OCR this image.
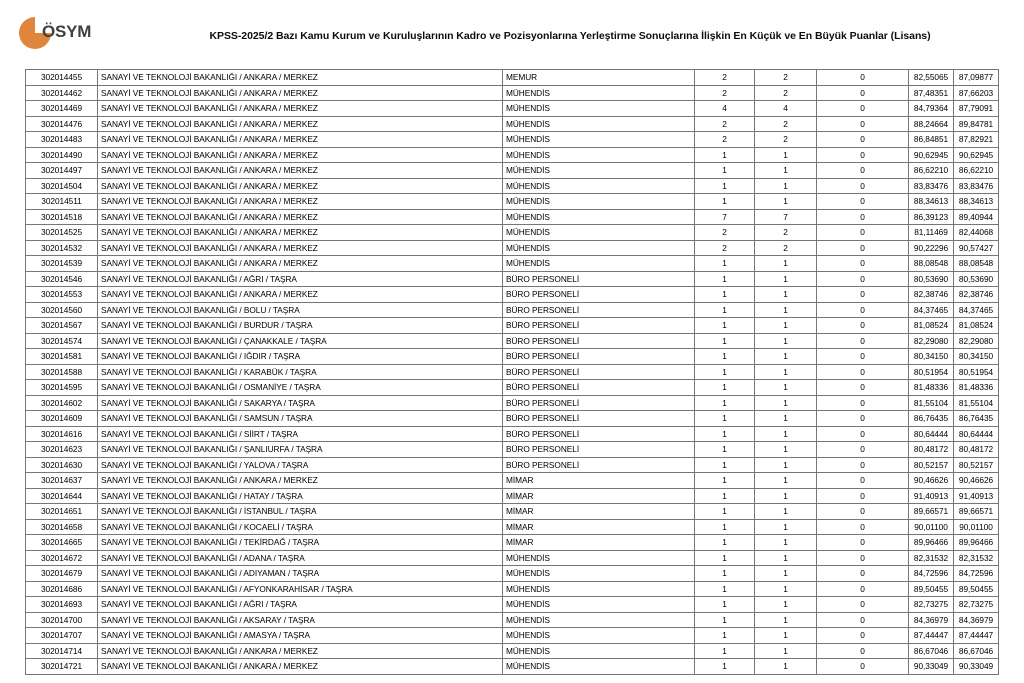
ÖSYM	KPSS-2025/2 Bazı Kamu Kurum ve Kuruluşlarının Kadro ve Pozisyonlarına Yerleştirme Sonuçlarına İlişkin En Küçük ve En Büyük Puanlar (Lisans)
302014455	SANAYİ VE TEKNOLOJİ BAKANLIĞI / ANKARA / MERKEZ	MEMUR	2	2	0	82,55065	87,09877
302014462	SANAYİ VE TEKNOLOJİ BAKANLIĞI / ANKARA / MERKEZ	MÜHENDİS	2	2	0	87,48351	87,66203
302014469	SANAYİ VE TEKNOLOJİ BAKANLIĞI / ANKARA / MERKEZ	MÜHENDİS	4	4	0	84,79364	87,79091
302014476	SANAYİ VE TEKNOLOJİ BAKANLIĞI / ANKARA / MERKEZ	MÜHENDİS	2	2	0	88,24664	89,84781
302014483	SANAYİ VE TEKNOLOJİ BAKANLIĞI / ANKARA / MERKEZ	MÜHENDİS	2	2	0	86,84851	87,82921
302014490	SANAYİ VE TEKNOLOJİ BAKANLIĞI / ANKARA / MERKEZ	MÜHENDİS	1	1	0	90,62945	90,62945
302014497	SANAYİ VE TEKNOLOJİ BAKANLIĞI / ANKARA / MERKEZ	MÜHENDİS	1	1	0	86,62210	86,62210
302014504	SANAYİ VE TEKNOLOJİ BAKANLIĞI / ANKARA / MERKEZ	MÜHENDİS	1	1	0	83,83476	83,83476
302014511	SANAYİ VE TEKNOLOJİ BAKANLIĞI / ANKARA / MERKEZ	MÜHENDİS	1	1	0	88,34613	88,34613
302014518	SANAYİ VE TEKNOLOJİ BAKANLIĞI / ANKARA / MERKEZ	MÜHENDİS	7	7	0	86,39123	89,40944
302014525	SANAYİ VE TEKNOLOJİ BAKANLIĞI / ANKARA / MERKEZ	MÜHENDİS	2	2	0	81,11469	82,44068
302014532	SANAYİ VE TEKNOLOJİ BAKANLIĞI / ANKARA / MERKEZ	MÜHENDİS	2	2	0	90,22296	90,57427
302014539	SANAYİ VE TEKNOLOJİ BAKANLIĞI / ANKARA / MERKEZ	MÜHENDİS	1	1	0	88,08548	88,08548
302014546	SANAYİ VE TEKNOLOJİ BAKANLIĞI / AĞRI / TAŞRA	BÜRO PERSONELİ	1	1	0	80,53690	80,53690
302014553	SANAYİ VE TEKNOLOJİ BAKANLIĞI / ANKARA / MERKEZ	BÜRO PERSONELİ	1	1	0	82,38746	82,38746
302014560	SANAYİ VE TEKNOLOJİ BAKANLIĞI / BOLU / TAŞRA	BÜRO PERSONELİ	1	1	0	84,37465	84,37465
302014567	SANAYİ VE TEKNOLOJİ BAKANLIĞI / BURDUR / TAŞRA	BÜRO PERSONELİ	1	1	0	81,08524	81,08524
302014574	SANAYİ VE TEKNOLOJİ BAKANLIĞI / ÇANAKKALE / TAŞRA	BÜRO PERSONELİ	1	1	0	82,29080	82,29080
302014581	SANAYİ VE TEKNOLOJİ BAKANLIĞI / IĞDIR / TAŞRA	BÜRO PERSONELİ	1	1	0	80,34150	80,34150
302014588	SANAYİ VE TEKNOLOJİ BAKANLIĞI / KARABÜK / TAŞRA	BÜRO PERSONELİ	1	1	0	80,51954	80,51954
302014595	SANAYİ VE TEKNOLOJİ BAKANLIĞI / OSMANİYE / TAŞRA	BÜRO PERSONELİ	1	1	0	81,48336	81,48336
302014602	SANAYİ VE TEKNOLOJİ BAKANLIĞI / SAKARYA / TAŞRA	BÜRO PERSONELİ	1	1	0	81,55104	81,55104
302014609	SANAYİ VE TEKNOLOJİ BAKANLIĞI / SAMSUN / TAŞRA	BÜRO PERSONELİ	1	1	0	86,76435	86,76435
302014616	SANAYİ VE TEKNOLOJİ BAKANLIĞI / SİİRT / TAŞRA	BÜRO PERSONELİ	1	1	0	80,64444	80,64444
302014623	SANAYİ VE TEKNOLOJİ BAKANLIĞI / ŞANLIURFA / TAŞRA	BÜRO PERSONELİ	1	1	0	80,48172	80,48172
302014630	SANAYİ VE TEKNOLOJİ BAKANLIĞI / YALOVA / TAŞRA	BÜRO PERSONELİ	1	1	0	80,52157	80,52157
302014637	SANAYİ VE TEKNOLOJİ BAKANLIĞI / ANKARA / MERKEZ	MİMAR	1	1	0	90,46626	90,46626
302014644	SANAYİ VE TEKNOLOJİ BAKANLIĞI / HATAY / TAŞRA	MİMAR	1	1	0	91,40913	91,40913
302014651	SANAYİ VE TEKNOLOJİ BAKANLIĞI / İSTANBUL / TAŞRA	MİMAR	1	1	0	89,66571	89,66571
302014658	SANAYİ VE TEKNOLOJİ BAKANLIĞI / KOCAELİ / TAŞRA	MİMAR	1	1	0	90,01100	90,01100
302014665	SANAYİ VE TEKNOLOJİ BAKANLIĞI / TEKİRDAĞ / TAŞRA	MİMAR	1	1	0	89,96466	89,96466
302014672	SANAYİ VE TEKNOLOJİ BAKANLIĞI / ADANA / TAŞRA	MÜHENDİS	1	1	0	82,31532	82,31532
302014679	SANAYİ VE TEKNOLOJİ BAKANLIĞI / ADIYAMAN / TAŞRA	MÜHENDİS	1	1	0	84,72596	84,72596
302014686	SANAYİ VE TEKNOLOJİ BAKANLIĞI / AFYONKARAHİSAR / TAŞRA	MÜHENDİS	1	1	0	89,50455	89,50455
302014693	SANAYİ VE TEKNOLOJİ BAKANLIĞI / AĞRI / TAŞRA	MÜHENDİS	1	1	0	82,73275	82,73275
302014700	SANAYİ VE TEKNOLOJİ BAKANLIĞI / AKSARAY / TAŞRA	MÜHENDİS	1	1	0	84,36979	84,36979
302014707	SANAYİ VE TEKNOLOJİ BAKANLIĞI / AMASYA / TAŞRA	MÜHENDİS	1	1	0	87,44447	87,44447
302014714	SANAYİ VE TEKNOLOJİ BAKANLIĞI / ANKARA / MERKEZ	MÜHENDİS	1	1	0	86,67046	86,67046
302014721	SANAYİ VE TEKNOLOJİ BAKANLIĞI / ANKARA / MERKEZ	MÜHENDİS	1	1	0	90,33049	90,33049
